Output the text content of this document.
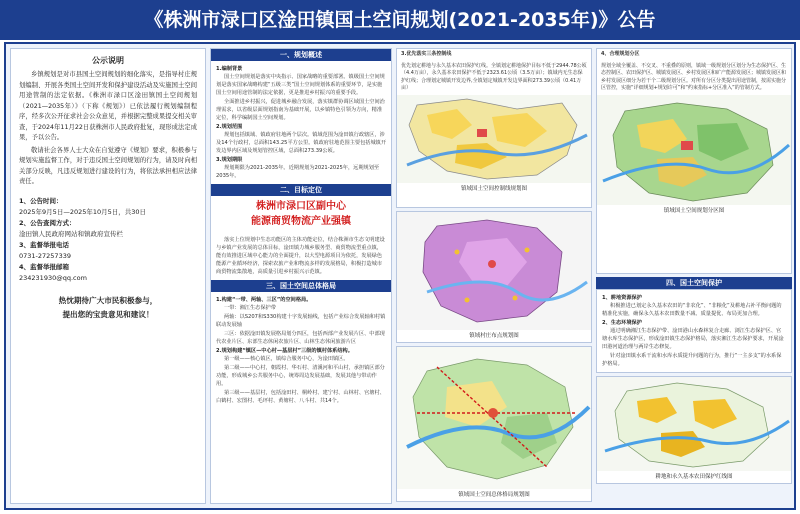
《株洲市渌口区淦田镇国土空间规划(2021-2035年)》公告
公示说明

乡镇规划是对市县国土空间规划的细化落实，是指导村庄规划编制、开展各类国土空间开发和保护建设活动及实施国土空间用途管制的法定依据。《株洲市渌口区淦田镇国土空间规划（2021—2035年）》（下称《规划》）已依法履行规划编制程序，经多次公开征求社会公众意见，并根据完整成果提交相关审查，于2024年11月22日获株洲市人民政府批复，现形成法定成果，予以公告。

敬请社会各界人士大众在自觉遵守《规划》要求，积极参与规划实施监督工作，对于违反国土空间规划的行为，请及时向相关部分反映，凡违反规划进行建设的行为，将依法承担相应法律责任。

1、公告时间：
2025年9月5日—2025年10月5日，共30日
2、公告查阅方式：
淦田镇人民政府网站和镇政府宣传栏
3、监督举报电话
0731-27257339
4、监督举报邮箱
234231930@qq.com
热忱期待广大市民积极参与，
提出您的宝贵意见和建议！
一、规划概述
1.编制背景

国土空间规划是落实中央指示、国家战略的重要部署。镇级国土空间规划是落实国家战略构建“五级三类”国土空间规划体系的重要环节，是实施国土空间用途管制的法定依据，更是推进乡村振兴的重要手段。

全面推进乡村振兴，促进城乡融合发展，落实镇群协调区域国土空间治理需求，以省级层面规划指南为基础开展，以乡镇特色引领为方向，精准定位，科学编制国土空间规划。

2.规划范围

规划包括镇域、镇政府驻地两个层次。镇域范围为淦田镇行政辖区，涉及14个行政村，总面积143.25平方公里。镇政府驻地范围主要包括城镇开发边界内区域及规划管控区域，总面积273.39公顷。

3.规划期限

规划期限为2021-2035年。近期规划为2021-2025年，远期规划至2035年。

二、目标定位
株洲市渌口区副中心
能源商贸物流产业强镇

落实上位规划中生态功能区的主体功能定位，结合株洲市生态文明建设与乡镇产业发展的总体目标，淦田镇力城乡服务型、商贸物流型重点镇，能有效推进区域中心能力的全面提升，以大型电源项目为依托，发展绿色能源产业循环经济，探索农旅产业和物流多样的发展格局，积极打造城市商贸物流集散地，高质量引进乡村振兴示范镇。

三、国土空间总体格局
1.构建“一带、两轴、三区”的空间格局。

一带：湘江生态保护带

两轴：以S207和S330构建十字发展轴线，包括产业综合发展轴和村镇联动发展轴

三区：依据淦田镇发展格局划分四区，包括西部产业发展片区、中部现代农业片区、东部生态休闲农旅片区、山林生态休闲旅游片区

2.规划构建“镇区—中心村—基层村”三级的镇村体系结构。

第一级——核心镇区，镇综合服务中心，为淦田镇区。

第二级——中心村，朝霞村、华石村、清溪河和平山村，承担镇区部分功能，形成城乡公共服务中心，统筹周边发展基础，发展其他与带动作用。

第三级——基层村，包括淦田村、桐岭村、建宁村、山林村、官塘村、白鹤村、宏图村、毛坪村、黄塘村、八斗村、共14个。

3.优先落实三条控制线
优先划定耕地与永久基本农田保护红线。全镇划定耕地保护目标不低于2944.78公顷（4.4万亩），永久基本农田保护不低于2323.61公顷（3.5万亩）；镇域内无生态保护红线；合理划定城镇开发边界,全镇划定城镇开发边界面积273.39公顷（0.41万亩）
镇域国土空间控制线规划图
镇域村庄布点规划图
镇域国土空间总体格局规划图
4、合理规划分区
规划全域全覆盖、不交叉、不重叠的原则，镇域一级规划分区划分为生态保护区、生态控制区、农田保护区、城镇发展区、乡村发展区和矿产能源发展区；城镇发展区和乡村发展区细分为若干个二级规划分区。对所有分区分类提出用途管制，按需实施分区管控，实施“详细规划+规划许可”和“约束指标+分区准入”的管制方式。
镇域国土空间规划分区图
四、国土空间保护
1、耕地资源保护

积极推进已划定永久基本农田的“非农化”、“非粮化”及耕地占补平衡问题的精准化实施，确保永久基本农田数量不减、质量提优、布局更加合理。

2、生态环境保护

通过明确湘江生态保护带、淦田港山水森林复合走廊、浏江生态保护区、官塘水库生态保护区，形成淦田镇生态保护格局，落实湘江生态保护要求，开展淦田港河道治理与两岸生态修复。

针对淦田镇水系干流和水库水质提升问题的行为，推行“一主多支”的水系保护格局。

耕地和永久基本农田保护红线图
